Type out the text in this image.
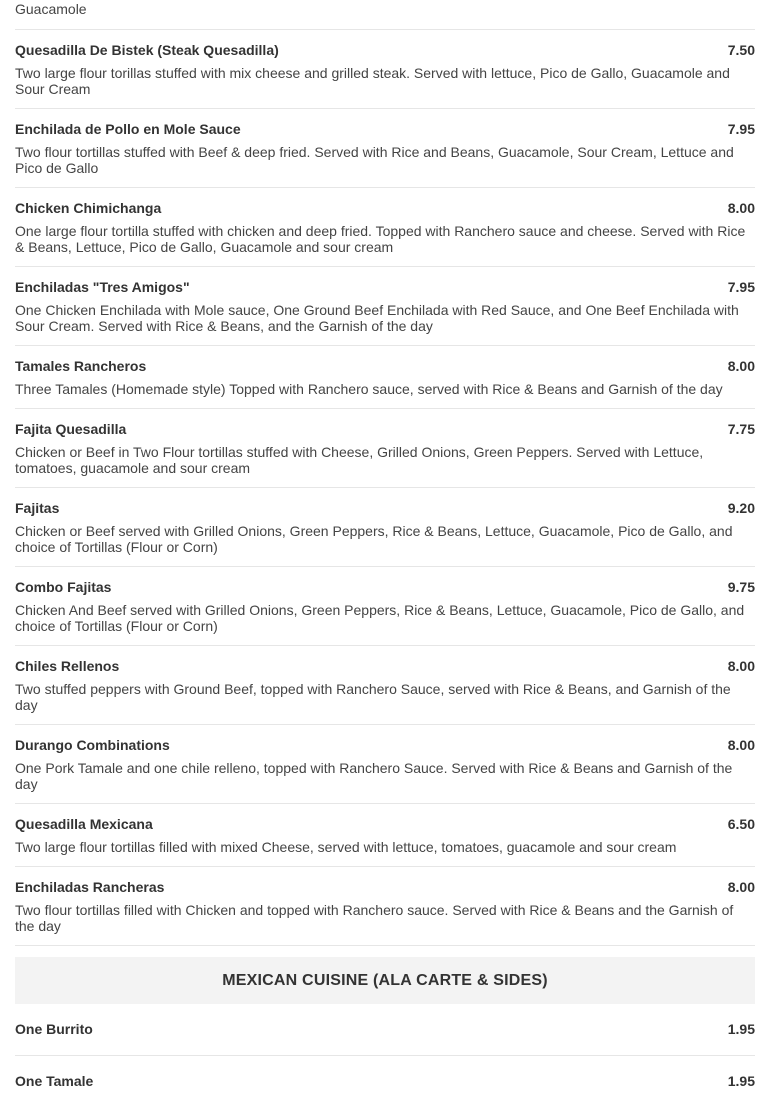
Guacamole
Quesadilla De Bistek (Steak Quesadilla)	7.50
Two large flour torillas stuffed with mix cheese and grilled steak. Served with lettuce, Pico de Gallo, Guacamole and Sour Cream
Enchilada de Pollo en Mole Sauce	7.95
Two flour tortillas stuffed with Beef & deep fried. Served with Rice and Beans, Guacamole, Sour Cream, Lettuce and Pico de Gallo
Chicken Chimichanga	8.00
One large flour tortilla stuffed with chicken and deep fried. Topped with Ranchero sauce and cheese. Served with Rice & Beans, Lettuce, Pico de Gallo, Guacamole and sour cream
Enchiladas "Tres Amigos"	7.95
One Chicken Enchilada with Mole sauce, One Ground Beef Enchilada with Red Sauce, and One Beef Enchilada with Sour Cream. Served with Rice & Beans, and the Garnish of the day
Tamales Rancheros	8.00
Three Tamales (Homemade style) Topped with Ranchero sauce, served with Rice & Beans and Garnish of the day
Fajita Quesadilla	7.75
Chicken or Beef in Two Flour tortillas stuffed with Cheese, Grilled Onions, Green Peppers. Served with Lettuce, tomatoes, guacamole and sour cream
Fajitas	9.20
Chicken or Beef served with Grilled Onions, Green Peppers, Rice & Beans, Lettuce, Guacamole, Pico de Gallo, and choice of Tortillas (Flour or Corn)
Combo Fajitas	9.75
Chicken And Beef served with Grilled Onions, Green Peppers, Rice & Beans, Lettuce, Guacamole, Pico de Gallo, and choice of Tortillas (Flour or Corn)
Chiles Rellenos	8.00
Two stuffed peppers with Ground Beef, topped with Ranchero Sauce, served with Rice & Beans, and Garnish of the day
Durango Combinations	8.00
One Pork Tamale and one chile relleno, topped with Ranchero Sauce. Served with Rice & Beans and Garnish of the day
Quesadilla Mexicana	6.50
Two large flour tortillas filled with mixed Cheese, served with lettuce, tomatoes, guacamole and sour cream
Enchiladas Rancheras	8.00
Two flour tortillas filled with Chicken and topped with Ranchero sauce. Served with Rice & Beans and the Garnish of the day
MEXICAN CUISINE (ALA CARTE & SIDES)
One Burrito	1.95
One Tamale	1.95
